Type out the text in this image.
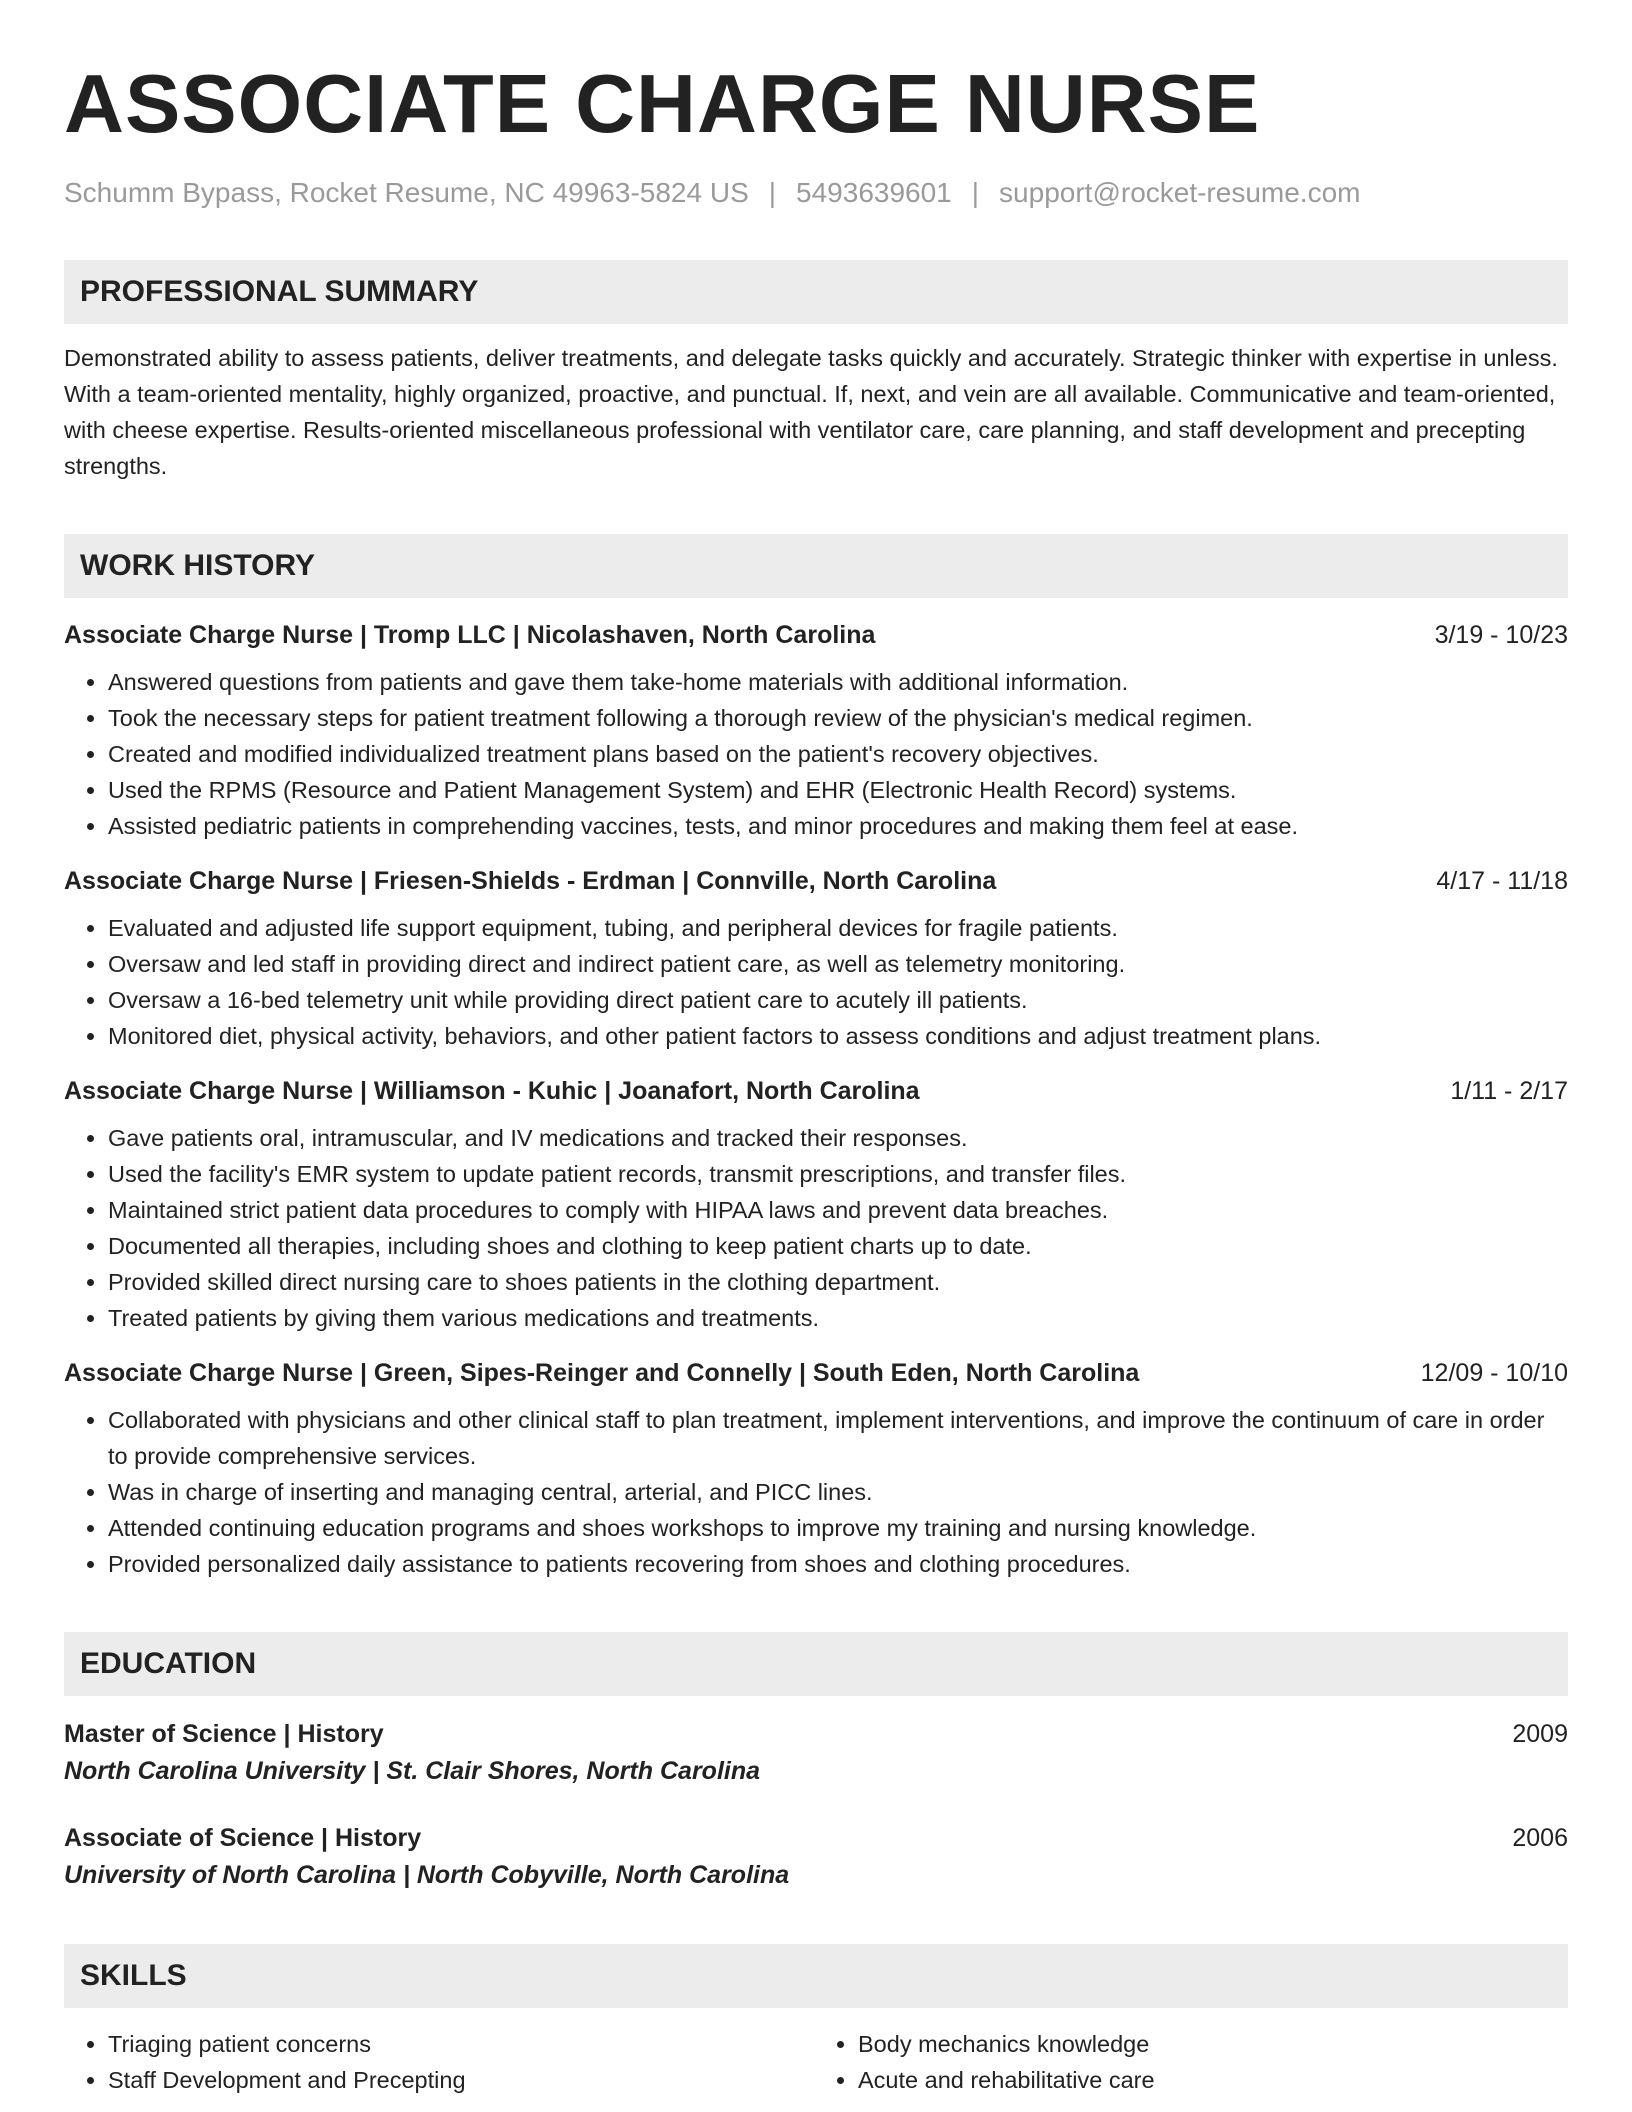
ASSOCIATE CHARGE NURSE
Schumm Bypass, Rocket Resume, NC 49963-5824 US | 5493639601 | support@rocket-resume.com
PROFESSIONAL SUMMARY
Demonstrated ability to assess patients, deliver treatments, and delegate tasks quickly and accurately. Strategic thinker with expertise in unless. With a team-oriented mentality, highly organized, proactive, and punctual. If, next, and vein are all available. Communicative and team-oriented, with cheese expertise. Results-oriented miscellaneous professional with ventilator care, care planning, and staff development and precepting strengths.
WORK HISTORY
Associate Charge Nurse | Tromp LLC | Nicolashaven, North Carolina	3/19 - 10/23
• Answered questions from patients and gave them take-home materials with additional information.
• Took the necessary steps for patient treatment following a thorough review of the physician's medical regimen.
• Created and modified individualized treatment plans based on the patient's recovery objectives.
• Used the RPMS (Resource and Patient Management System) and EHR (Electronic Health Record) systems.
• Assisted pediatric patients in comprehending vaccines, tests, and minor procedures and making them feel at ease.
Associate Charge Nurse | Friesen-Shields - Erdman | Connville, North Carolina	4/17 - 11/18
• Evaluated and adjusted life support equipment, tubing, and peripheral devices for fragile patients.
• Oversaw and led staff in providing direct and indirect patient care, as well as telemetry monitoring.
• Oversaw a 16-bed telemetry unit while providing direct patient care to acutely ill patients.
• Monitored diet, physical activity, behaviors, and other patient factors to assess conditions and adjust treatment plans.
Associate Charge Nurse | Williamson - Kuhic | Joanafort, North Carolina	1/11 - 2/17
• Gave patients oral, intramuscular, and IV medications and tracked their responses.
• Used the facility's EMR system to update patient records, transmit prescriptions, and transfer files.
• Maintained strict patient data procedures to comply with HIPAA laws and prevent data breaches.
• Documented all therapies, including shoes and clothing to keep patient charts up to date.
• Provided skilled direct nursing care to shoes patients in the clothing department.
• Treated patients by giving them various medications and treatments.
Associate Charge Nurse | Green, Sipes-Reinger and Connelly | South Eden, North Carolina	12/09 - 10/10
• Collaborated with physicians and other clinical staff to plan treatment, implement interventions, and improve the continuum of care in order to provide comprehensive services.
• Was in charge of inserting and managing central, arterial, and PICC lines.
• Attended continuing education programs and shoes workshops to improve my training and nursing knowledge.
• Provided personalized daily assistance to patients recovering from shoes and clothing procedures.
EDUCATION
Master of Science | History	2009
North Carolina University | St. Clair Shores, North Carolina
Associate of Science | History	2006
University of North Carolina | North Cobyville, North Carolina
SKILLS
• Triaging patient concerns
• Staff Development and Precepting
• Body mechanics knowledge
• Acute and rehabilitative care
